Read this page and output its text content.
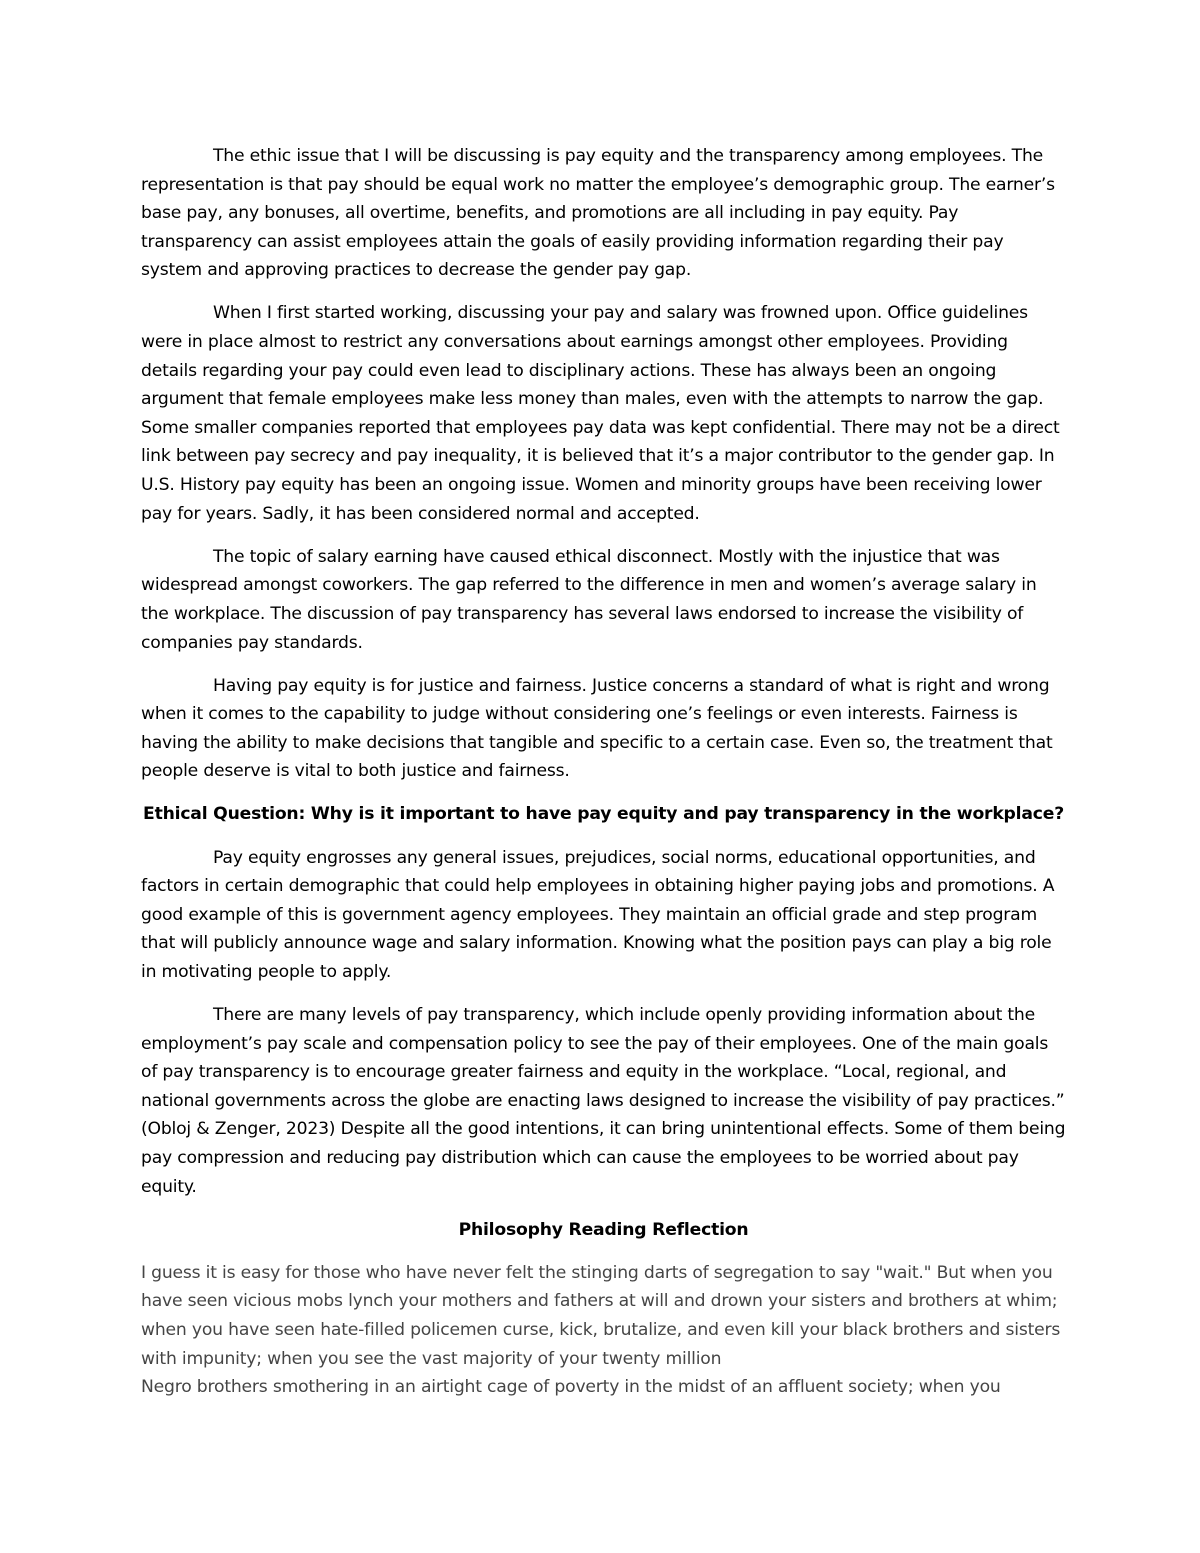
The ethic issue that I will be discussing is pay equity and the transparency among employees. The representation is that pay should be equal work no matter the employee’s demographic group. The earner’s base pay, any bonuses, all overtime, benefits, and promotions are all including in pay equity. Pay transparency can assist employees attain the goals of easily providing information regarding their pay system and approving practices to decrease the gender pay gap.

When I first started working, discussing your pay and salary was frowned upon. Office guidelines were in place almost to restrict any conversations about earnings amongst other employees. Providing details regarding your pay could even lead to disciplinary actions. These has always been an ongoing argument that female employees make less money than males, even with the attempts to narrow the gap. Some smaller companies reported that employees pay data was kept confidential. There may not be a direct link between pay secrecy and pay inequality, it is believed that it’s a major contributor to the gender gap. In U.S. History pay equity has been an ongoing issue. Women and minority groups have been receiving lower pay for years. Sadly, it has been considered normal and accepted.

The topic of salary earning have caused ethical disconnect. Mostly with the injustice that was widespread amongst coworkers. The gap referred to the difference in men and women’s average salary in the workplace. The discussion of pay transparency has several laws endorsed to increase the visibility of companies pay standards.

Having pay equity is for justice and fairness. Justice concerns a standard of what is right and wrong when it comes to the capability to judge without considering one’s feelings or even interests. Fairness is having the ability to make decisions that tangible and specific to a certain case. Even so, the treatment that people deserve is vital to both justice and fairness.

Ethical Question: Why is it important to have pay equity and pay transparency in the workplace?

Pay equity engrosses any general issues, prejudices, social norms, educational opportunities, and factors in certain demographic that could help employees in obtaining higher paying jobs and promotions. A good example of this is government agency employees. They maintain an official grade and step program that will publicly announce wage and salary information. Knowing what the position pays can play a big role in motivating people to apply.

There are many levels of pay transparency, which include openly providing information about the employment’s pay scale and compensation policy to see the pay of their employees. One of the main goals of pay transparency is to encourage greater fairness and equity in the workplace. “Local, regional, and national governments across the globe are enacting laws designed to increase the visibility of pay practices.” (Obloj & Zenger, 2023) Despite all the good intentions, it can bring unintentional effects. Some of them being pay compression and reducing pay distribution which can cause the employees to be worried about pay equity.

Philosophy Reading Reflection

I guess it is easy for those who have never felt the stinging darts of segregation to say "wait." But when you have seen vicious mobs lynch your mothers and fathers at will and drown your sisters and brothers at whim; when you have seen hate-filled policemen curse, kick, brutalize, and even kill your black brothers and sisters with impunity; when you see the vast majority of your twenty million
Negro brothers smothering in an airtight cage of poverty in the midst of an affluent society; when you
